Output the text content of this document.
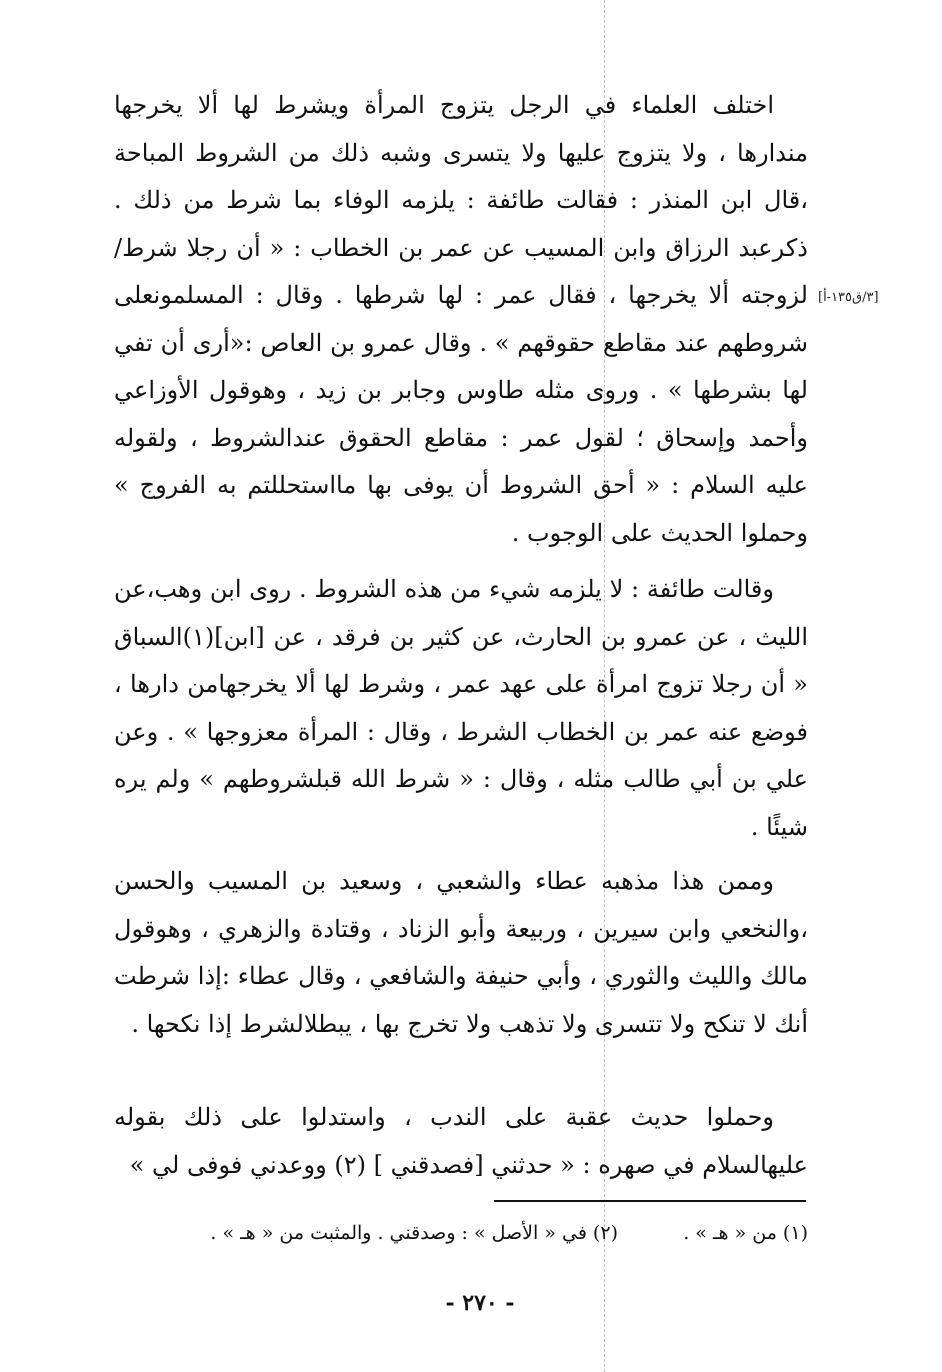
[٣/ق١٣٥-أ]
اختلف العلماء في الرجل يتزوج المرأة ويشرط لها ألا يخرجها مندارها ، ولا يتزوج عليها ولا يتسرى وشبه ذلك من الشروط المباحة ،قال ابن المنذر : فقالت طائفة : يلزمه الوفاء بما شرط من ذلك . ذكرعبد الرزاق وابن المسيب عن عمر بن الخطاب : « أن رجلا شرط/لزوجته ألا يخرجها ، فقال عمر : لها شرطها . وقال : المسلمونعلى شروطهم عند مقاطع حقوقهم » . وقال عمرو بن العاص :«أرى أن تفي لها بشرطها » . وروى مثله طاوس وجابر بن زيد ، وهوقول الأوزاعي وأحمد وإسحاق ؛ لقول عمر : مقاطع الحقوق عندالشروط ، ولقوله عليه السلام : « أحق الشروط أن يوفى بها مااستحللتم به الفروج » وحملوا الحديث على الوجوب .
وقالت طائفة : لا يلزمه شيء من هذه الشروط . روى ابن وهب،عن الليث ، عن عمرو بن الحارث، عن كثير بن فرقد ، عن [ابن](١)السباق « أن رجلا تزوج امرأة على عهد عمر ، وشرط لها ألا يخرجهامن دارها ، فوضع عنه عمر بن الخطاب الشرط ، وقال : المرأة معزوجها » . وعن علي بن أبي طالب مثله ، وقال : « شرط الله قبلشروطهم » ولم يره شيئًا .
وممن هذا مذهبه عطاء والشعبي ، وسعيد بن المسيب والحسن ،والنخعي وابن سيرين ، وربيعة وأبو الزناد ، وقتادة والزهري ، وهوقول مالك والليث والثوري ، وأبي حنيفة والشافعي ، وقال عطاء :إذا شرطت أنك لا تنكح ولا تتسرى ولا تذهب ولا تخرج بها ، يبطلالشرط إذا نكحها .
وحملوا حديث عقبة على الندب ، واستدلوا على ذلك بقوله عليهالسلام في صهره : « حدثني [فصدقني ] (٢) ووعدني فوفى لي »
(١) من « هـ » .
(٢) في « الأصل » : وصدقني . والمثبت من « هـ » .
- ٢٧٠ -
